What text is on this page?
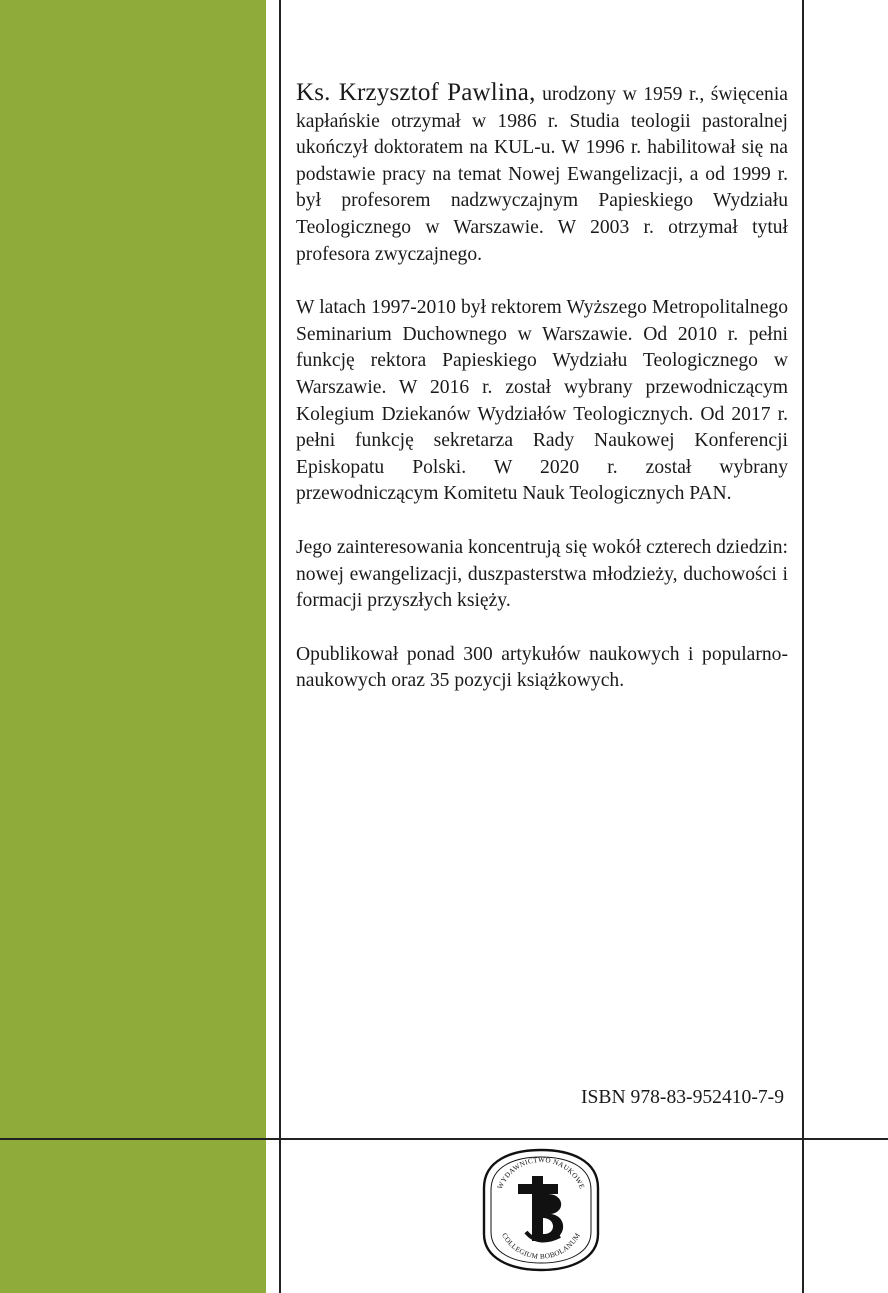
Ks. Krzysztof Pawlina, urodzony w 1959 r., święcenia kapłańskie otrzymał w 1986 r. Studia teologii pastoralnej ukończył doktoratem na KUL-u. W 1996 r. habilitował się na podstawie pracy na temat Nowej Ewangelizacji, a od 1999 r. był profesorem nadzwyczajnym Papieskiego Wydziału Teologicznego w Warszawie. W 2003 r. otrzymał tytuł profesora zwyczajnego.

W latach 1997-2010 był rektorem Wyższego Metropolitalnego Seminarium Duchownego w Warszawie. Od 2010 r. pełni funkcję rektora Papieskiego Wydziału Teologicznego w Warszawie. W 2016 r. został wybrany przewodniczącym Kolegium Dziekanów Wydziałów Teologicznych. Od 2017 r. pełni funkcję sekretarza Rady Naukowej Konferencji Episkopatu Polski. W 2020 r. został wybrany przewodniczącym Komitetu Nauk Teologicznych PAN.

Jego zainteresowania koncentrują się wokół czterech dziedzin: nowej ewangelizacji, duszpasterstwa młodzieży, duchowości i formacji przyszłych księży.

Opublikował ponad 300 artykułów naukowych i popularno-naukowych oraz 35 pozycji książkowych.

ISBN 978-83-952410-7-9
WYDAWNICTWO NAUKOWE
COLLEGIUM BOBOLANUM
